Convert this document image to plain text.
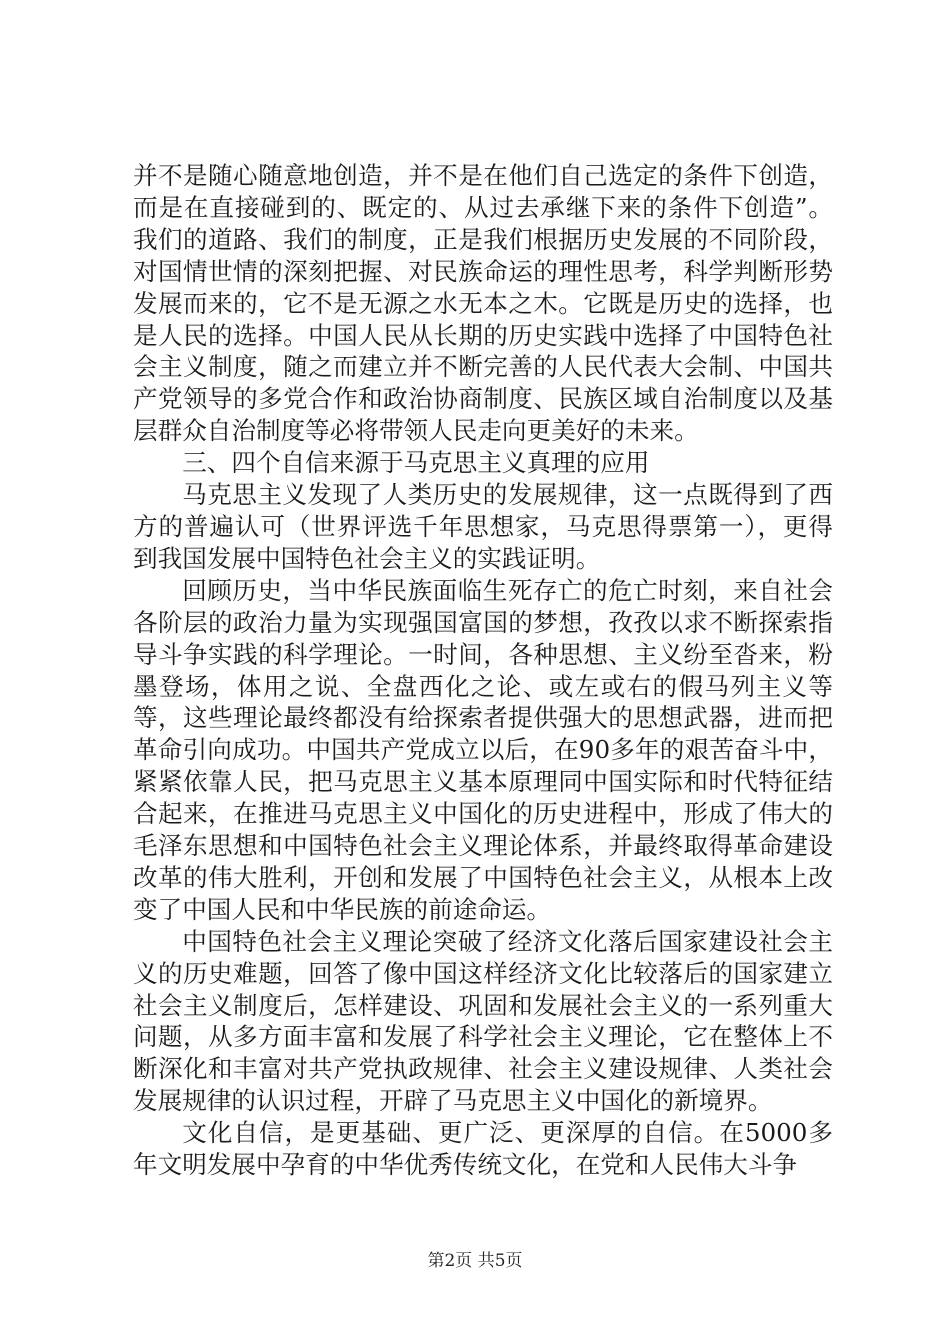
并不是随心随意地创造，并不是在他们自己选定的条件下创造，而是在直接碰到的、既定的、从过去承继下来的条件下创造”。我们的道路、我们的制度，正是我们根据历史发展的不同阶段，对国情世情的深刻把握、对民族命运的理性思考，科学判断形势发展而来的，它不是无源之水无本之木。它既是历史的选择，也是人民的选择。中国人民从长期的历史实践中选择了中国特色社会主义制度，随之而建立并不断完善的人民代表大会制、中国共产党领导的多党合作和政治协商制度、民族区域自治制度以及基层群众自治制度等必将带领人民走向更美好的未来。

三、四个自信来源于马克思主义真理的应用

马克思主义发现了人类历史的发展规律，这一点既得到了西方的普遍认可（世界评选千年思想家，马克思得票第一），更得到我国发展中国特色社会主义的实践证明。

回顾历史，当中华民族面临生死存亡的危亡时刻，来自社会各阶层的政治力量为实现强国富国的梦想，孜孜以求不断探索指导斗争实践的科学理论。一时间，各种思想、主义纷至沓来，粉墨登场，体用之说、全盘西化之论、或左或右的假马列主义等等，这些理论最终都没有给探索者提供强大的思想武器，进而把革命引向成功。中国共产党成立以后，在90多年的艰苦奋斗中，紧紧依靠人民，把马克思主义基本原理同中国实际和时代特征结合起来，在推进马克思主义中国化的历史进程中，形成了伟大的毛泽东思想和中国特色社会主义理论体系，并最终取得革命建设改革的伟大胜利，开创和发展了中国特色社会主义，从根本上改变了中国人民和中华民族的前途命运。

中国特色社会主义理论突破了经济文化落后国家建设社会主义的历史难题，回答了像中国这样经济文化比较落后的国家建立社会主义制度后，怎样建设、巩固和发展社会主义的一系列重大问题，从多方面丰富和发展了科学社会主义理论，它在整体上不断深化和丰富对共产党执政规律、社会主义建设规律、人类社会发展规律的认识过程，开辟了马克思主义中国化的新境界。

文化自信，是更基础、更广泛、更深厚的自信。在5000多年文明发展中孕育的中华优秀传统文化，在党和人民伟大斗争

第2页 共5页
